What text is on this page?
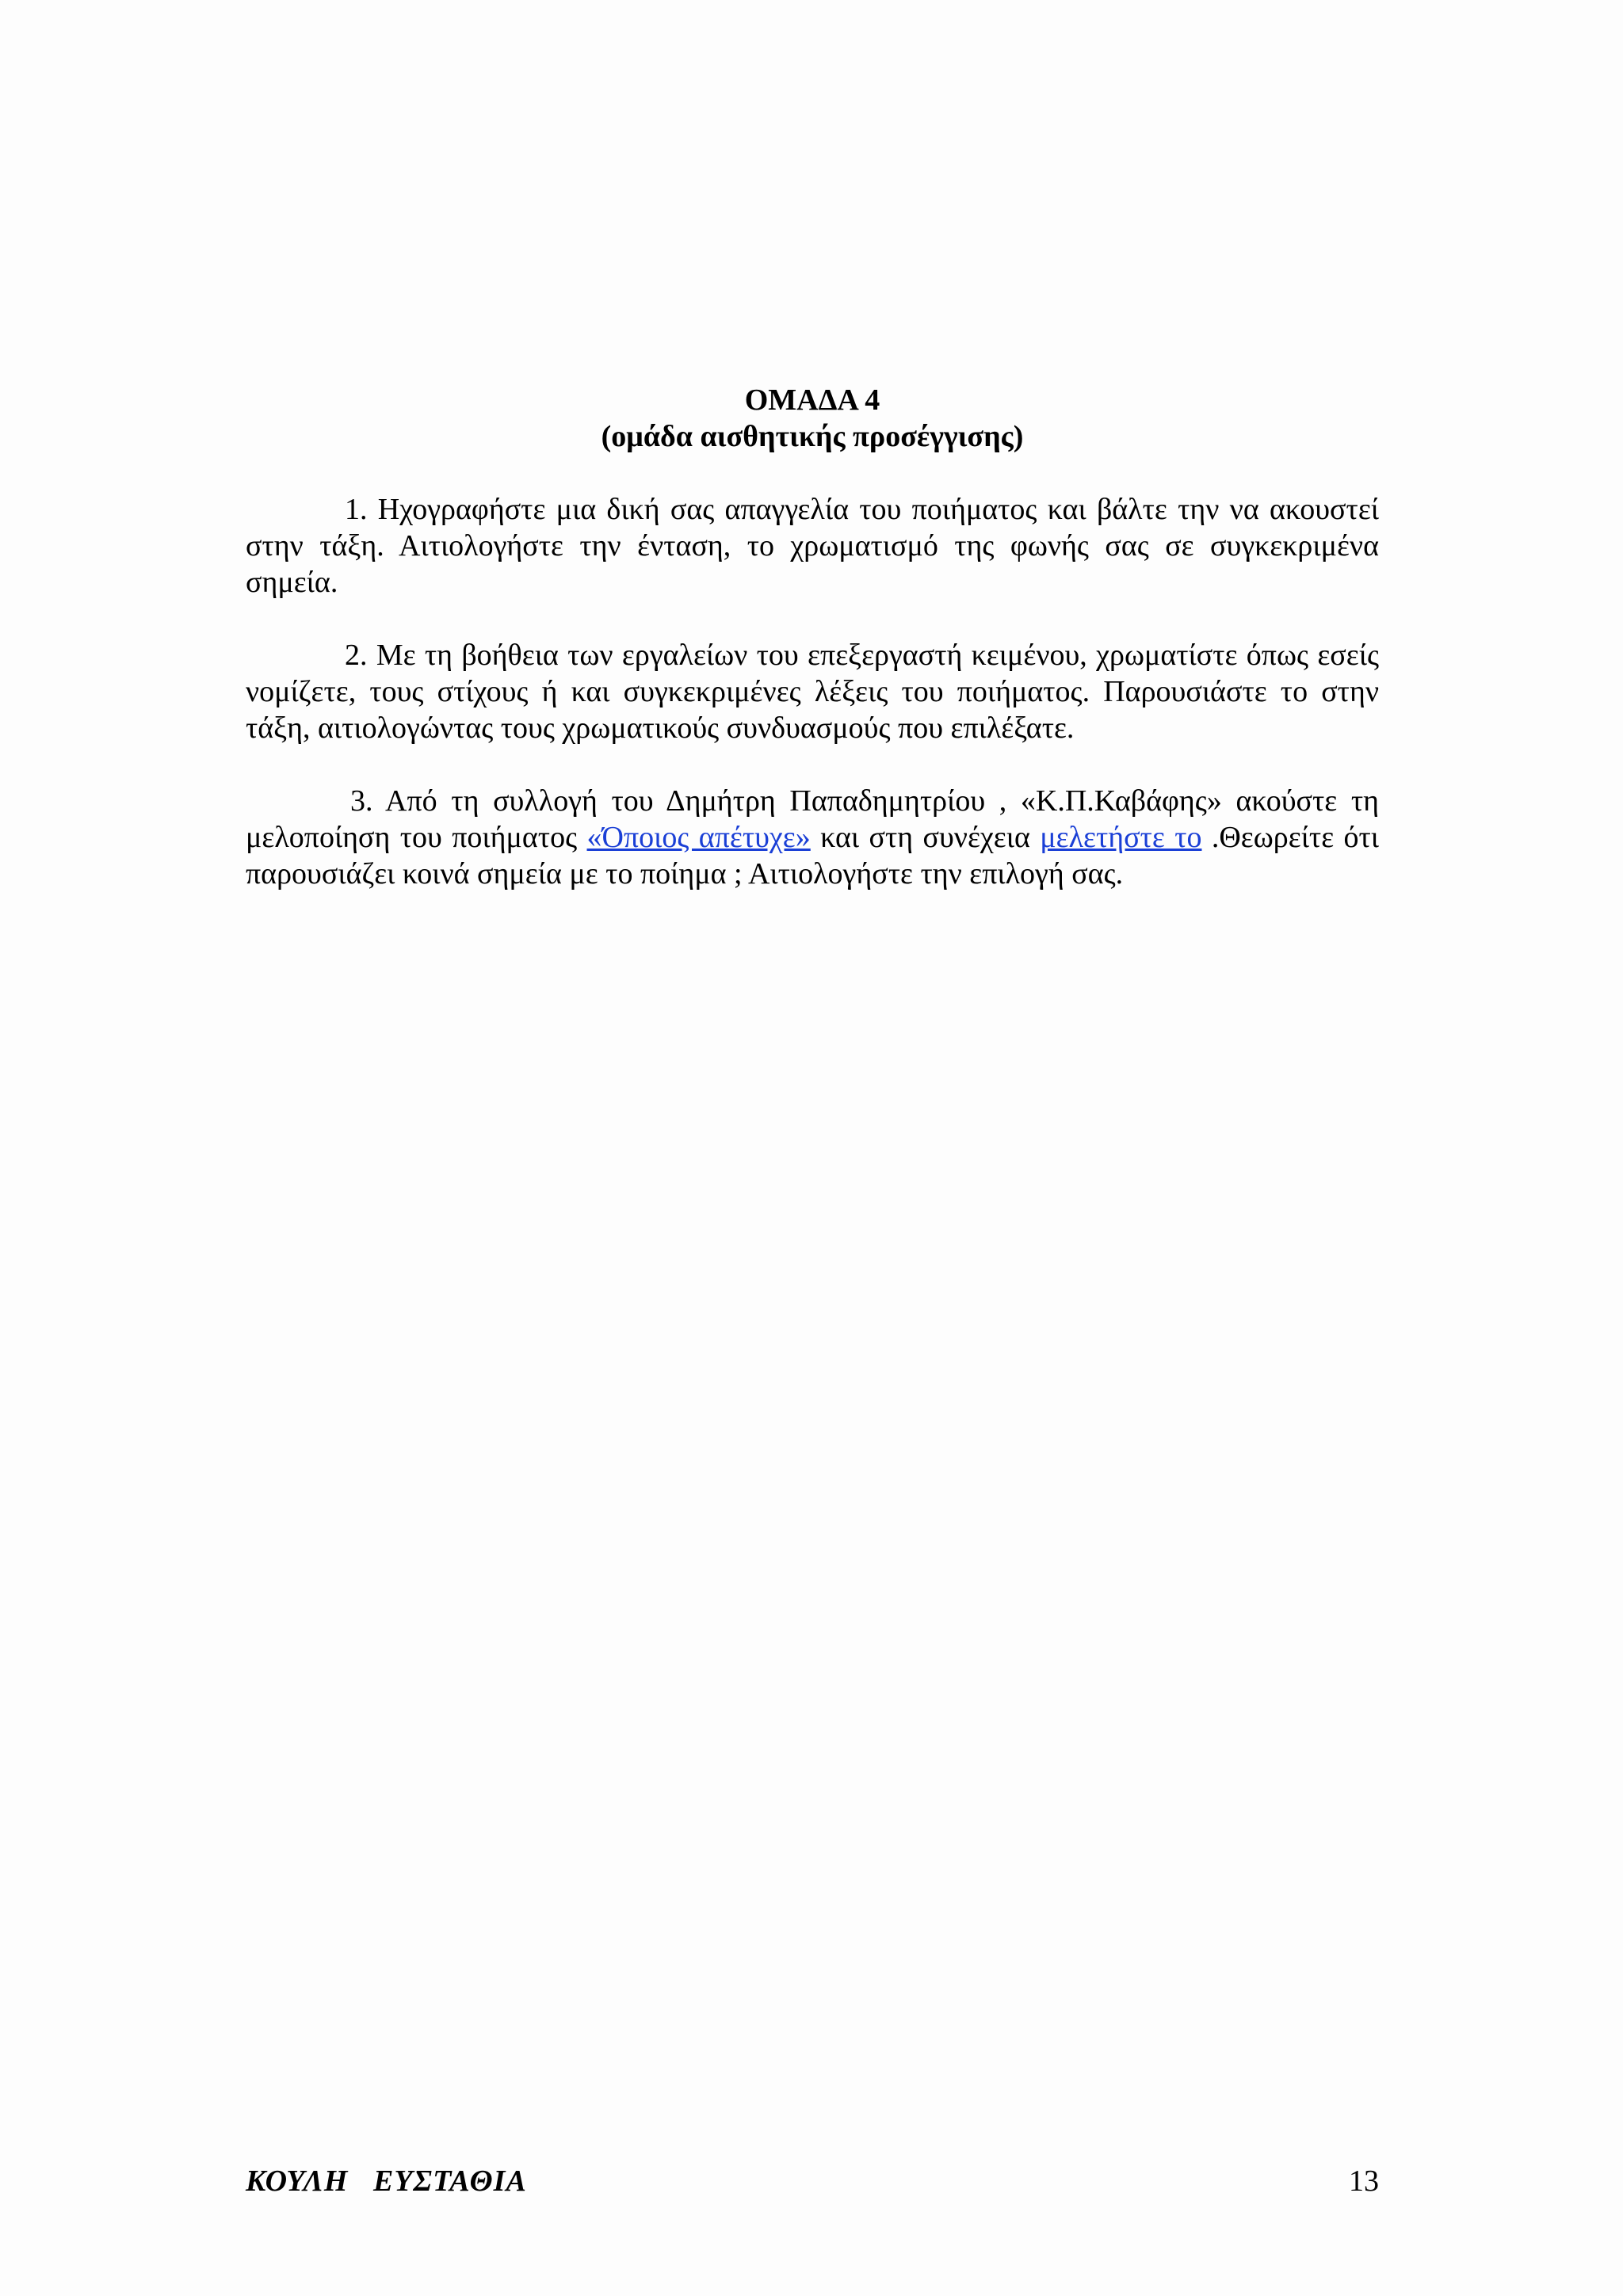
ΟΜΑΔΑ 4
(ομάδα αισθητικής προσέγγισης)

1. Ηχογραφήστε μια δική σας απαγγελία του ποιήματος και βάλτε την να ακουστεί στην τάξη. Αιτιολογήστε την ένταση, το χρωματισμό της φωνής σας σε συγκεκριμένα σημεία.

2. Με τη βοήθεια των εργαλείων του επεξεργαστή κειμένου, χρωματίστε όπως εσείς νομίζετε, τους στίχους ή και συγκεκριμένες λέξεις του ποιήματος. Παρουσιάστε το στην τάξη, αιτιολογώντας τους χρωματικούς συνδυασμούς που επιλέξατε.

3. Από τη συλλογή του Δημήτρη Παπαδημητρίου , «Κ.Π.Καβάφης» ακούστε τη μελοποίηση του ποιήματος «Όποιος απέτυχε» και στη συνέχεια μελετήστε το .Θεωρείτε ότι παρουσιάζει κοινά σημεία με το ποίημα ; Αιτιολογήστε την επιλογή σας.

ΚΟΥΛΗ   ΕΥΣΤΑΘΙΑ	13
